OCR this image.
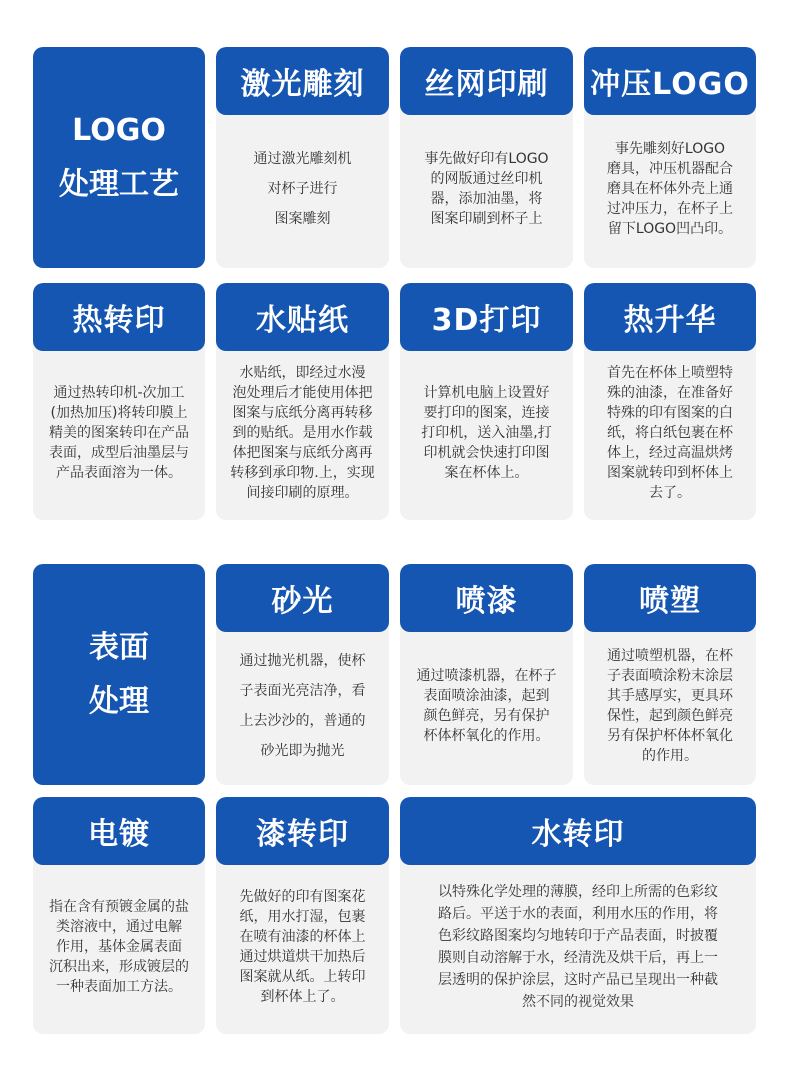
LOGO
处理工艺
激光雕刻
通过激光雕刻机
对杯子进行
图案雕刻
丝网印刷
事先做好印有LOGO
的网版通过丝印机
器，添加油墨，将
图案印刷到杯子上
冲压LOGO
事先雕刻好LOGO
磨具，冲压机器配合
磨具在杯体外壳上通
过冲压力，在杯子上
留下LOGO凹凸印。
热转印
通过热转印机-次加工
(加热加压)将转印膜上
精美的图案转印在产品
表面，成型后油墨层与
产品表面溶为一体。
水贴纸
水贴纸，即经过水漫
泡处理后才能使用体把
图案与底纸分离再转移
到的贴纸。是用水作载
体把图案与底纸分离再
转移到承印物.上，实现
间接印刷的原理。
3D打印
计算机电脑上设置好
要打印的图案，连接
打印机，送入油墨,打
印机就会快速打印图
案在杯体上。
热升华
首先在杯体上喷塑特
殊的油漆，在准备好
特殊的印有图案的白
纸，将白纸包裹在杯
体上，经过高温烘烤
图案就转印到杯体上
去了。
表面
处理
砂光
通过抛光机器，使杯
子表面光亮洁净，看
上去沙沙的，普通的
砂光即为抛光
喷漆
通过喷漆机器，在杯子
表面喷涂油漆，起到
颜色鲜亮，另有保护
杯体杯氧化的作用。
喷塑
通过喷塑机器，在杯
子表面喷涂粉末涂层
其手感厚实，更具环
保性，起到颜色鲜亮
另有保护杯体杯氧化
的作用。
电镀
指在含有预镀金属的盐
类溶液中，通过电解
作用，基体金属表面
沉积出来，形成镀层的
一种表面加工方法。
漆转印
先做好的印有图案花
纸，用水打湿，包裹
在喷有油漆的杯体上
通过烘道烘干加热后
图案就从纸。上转印
到杯体上了。
水转印
以特殊化学处理的薄膜，经印上所需的色彩纹
路后。平送于水的表面，利用水压的作用，将
色彩纹路图案均匀地转印于产品表面，时披覆
膜则自动溶解于水，经清洗及烘干后，再上一
层透明的保护涂层，这时产品已呈现出一种截
然不同的视觉效果
